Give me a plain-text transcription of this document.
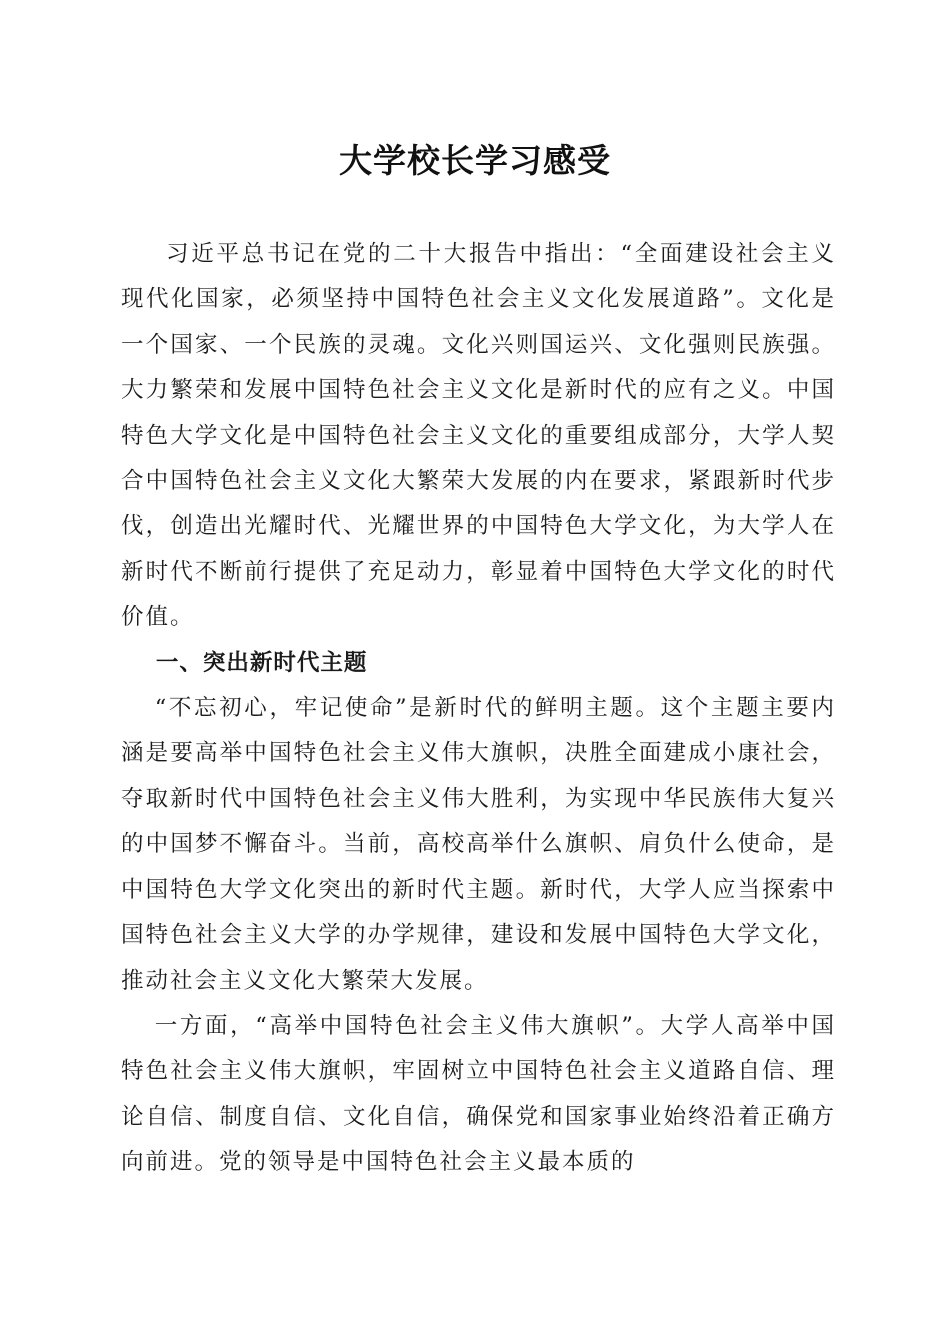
大学校长学习感受

习近平总书记在党的二十大报告中指出：“全面建设社会主义现代化国家，必须坚持中国特色社会主义文化发展道路”。文化是一个国家、一个民族的灵魂。文化兴则国运兴、文化强则民族强。大力繁荣和发展中国特色社会主义文化是新时代的应有之义。中国特色大学文化是中国特色社会主义文化的重要组成部分，大学人契合中国特色社会主义文化大繁荣大发展的内在要求，紧跟新时代步伐，创造出光耀时代、光耀世界的中国特色大学文化，为大学人在新时代不断前行提供了充足动力，彰显着中国特色大学文化的时代价值。

一、突出新时代主题

“不忘初心，牢记使命”是新时代的鲜明主题。这个主题主要内涵是要高举中国特色社会主义伟大旗帜，决胜全面建成小康社会，夺取新时代中国特色社会主义伟大胜利，为实现中华民族伟大复兴的中国梦不懈奋斗。当前，高校高举什么旗帜、肩负什么使命，是中国特色大学文化突出的新时代主题。新时代，大学人应当探索中国特色社会主义大学的办学规律，建设和发展中国特色大学文化，推动社会主义文化大繁荣大发展。

一方面，“高举中国特色社会主义伟大旗帜”。大学人高举中国特色社会主义伟大旗帜，牢固树立中国特色社会主义道路自信、理论自信、制度自信、文化自信，确保党和国家事业始终沿着正确方向前进。党的领导是中国特色社会主义最本质的
